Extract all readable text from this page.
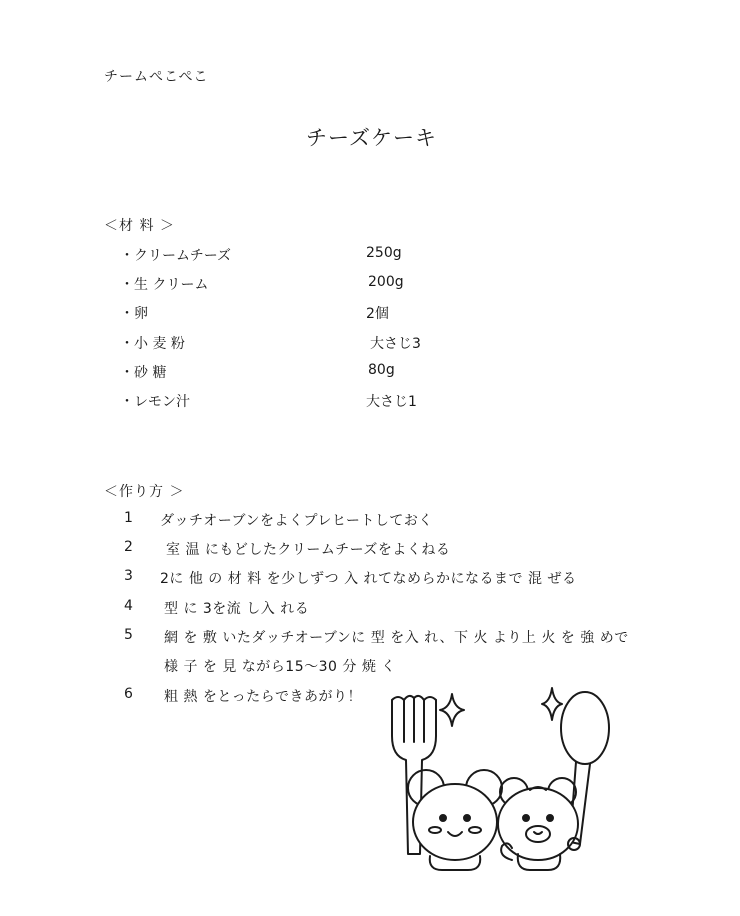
チームぺこぺこ
チーズケーキ
＜材 料 ＞
・クリームチーズ	250g
・生 クリーム	200g
・卵	2個
・小 麦 粉	大さじ3
・砂 糖	80g
・レモン汁	大さじ1
＜作り方 ＞
1 ダッチオーブンをよくプレヒートしておく
2 室 温 にもどしたクリームチーズをよくねる
3 2に 他 の 材 料 を少しずつ 入 れてなめらかになるまで 混 ぜる
4 型 に 3を流 し入 れる
5 網 を 敷 いたダッチオーブンに 型 を入 れ、下 火 より上 火 を 強 めで
様 子 を 見 ながら15～30 分 焼 く
6 粗 熱 をとったらできあがり！
